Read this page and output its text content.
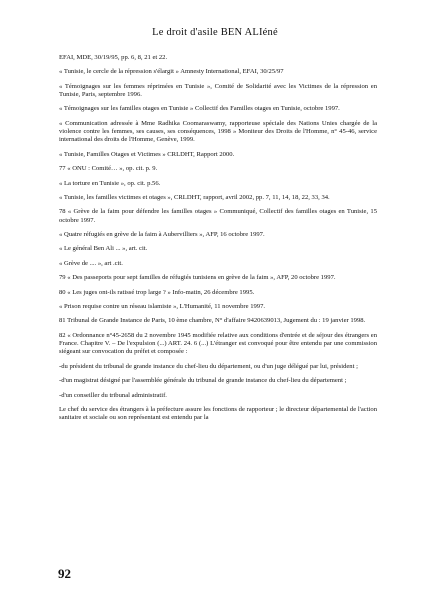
Le droit d'asile BEN ALIéné

EFAI, MDE, 30/19/95, pp. 6, 8, 21 et 22.

« Tunisie, le cercle de la répression s'élargit » Amnesty International, EFAI, 30/25/97

« Témoignages sur les femmes réprimées en Tunisie », Comité de Solidarité avec les Victimes de la répression en Tunisie, Paris, septembre 1996.

« Témoignages sur les familles otages en Tunisie » Collectif des Familles otages en Tunisie, octobre 1997.

« Communication adressée à Mme Radhika Coomaraswamy, rapporteuse spéciale des Nations Unies chargée de la violence contre les femmes, ses causes, ses conséquences, 1998 » Moniteur des Droits de l'Homme, n° 45-46, service international des droits de l'Homme, Genève, 1999.

« Tunisie, Familles Otages et Victimes » CRLDHT, Rapport 2000.

77 « ONU : Comité… », op. cit. p. 9.

« La torture en Tunisie », op. cit. p.56.

« Tunisie, les familles victimes et otages », CRLDHT, rapport, avril 2002, pp. 7, 11, 14, 18, 22, 33, 34.

78 « Grève de la faim pour défendre les familles otages » Communiqué, Collectif des familles otages en Tunisie, 15 octobre 1997.

« Quatre réfugiés en grève de la faim à Aubervilliers », AFP, 16 octobre 1997.

« Le général Ben Ali ... », art. cit.

« Grève de .... », art .cit.

79 « Des passeports pour sept familles de réfugiés tunisiens en grève de la faim », AFP, 20 octobre 1997.

80 « Les juges ont-ils ratissé trop large ? » Info-matin, 26 décembre 1995.

« Prison requise contre un réseau islamiste », L'Humanité, 11 novembre 1997.

81 Tribunal de Grande Instance de Paris, 10 ème chambre, N° d'affaire 9420639013, Jugement du : 19 janvier 1998.

82 « Ordonnance n°45-2658 du 2 novembre 1945 modifiée relative aux conditions d'entrée et de séjour des étrangers en France. Chapitre V. – De l'expulsion (...) ART. 24. 6 (...) L'étranger est convoqué pour être entendu par une commission siégeant sur convocation du préfet et composée :

-du président du tribunal de grande instance du chef-lieu du département, ou d'un juge délégué par lui, président ;

-d'un magistrat désigné par l'assemblée générale du tribunal de grande instance du chef-lieu du département ;

-d'un conseiller du tribunal administratif.

Le chef du service des étrangers à la préfecture assure les fonctions de rapporteur ; le directeur départemental de l'action sanitaire et sociale ou son représentant est entendu par la

92
